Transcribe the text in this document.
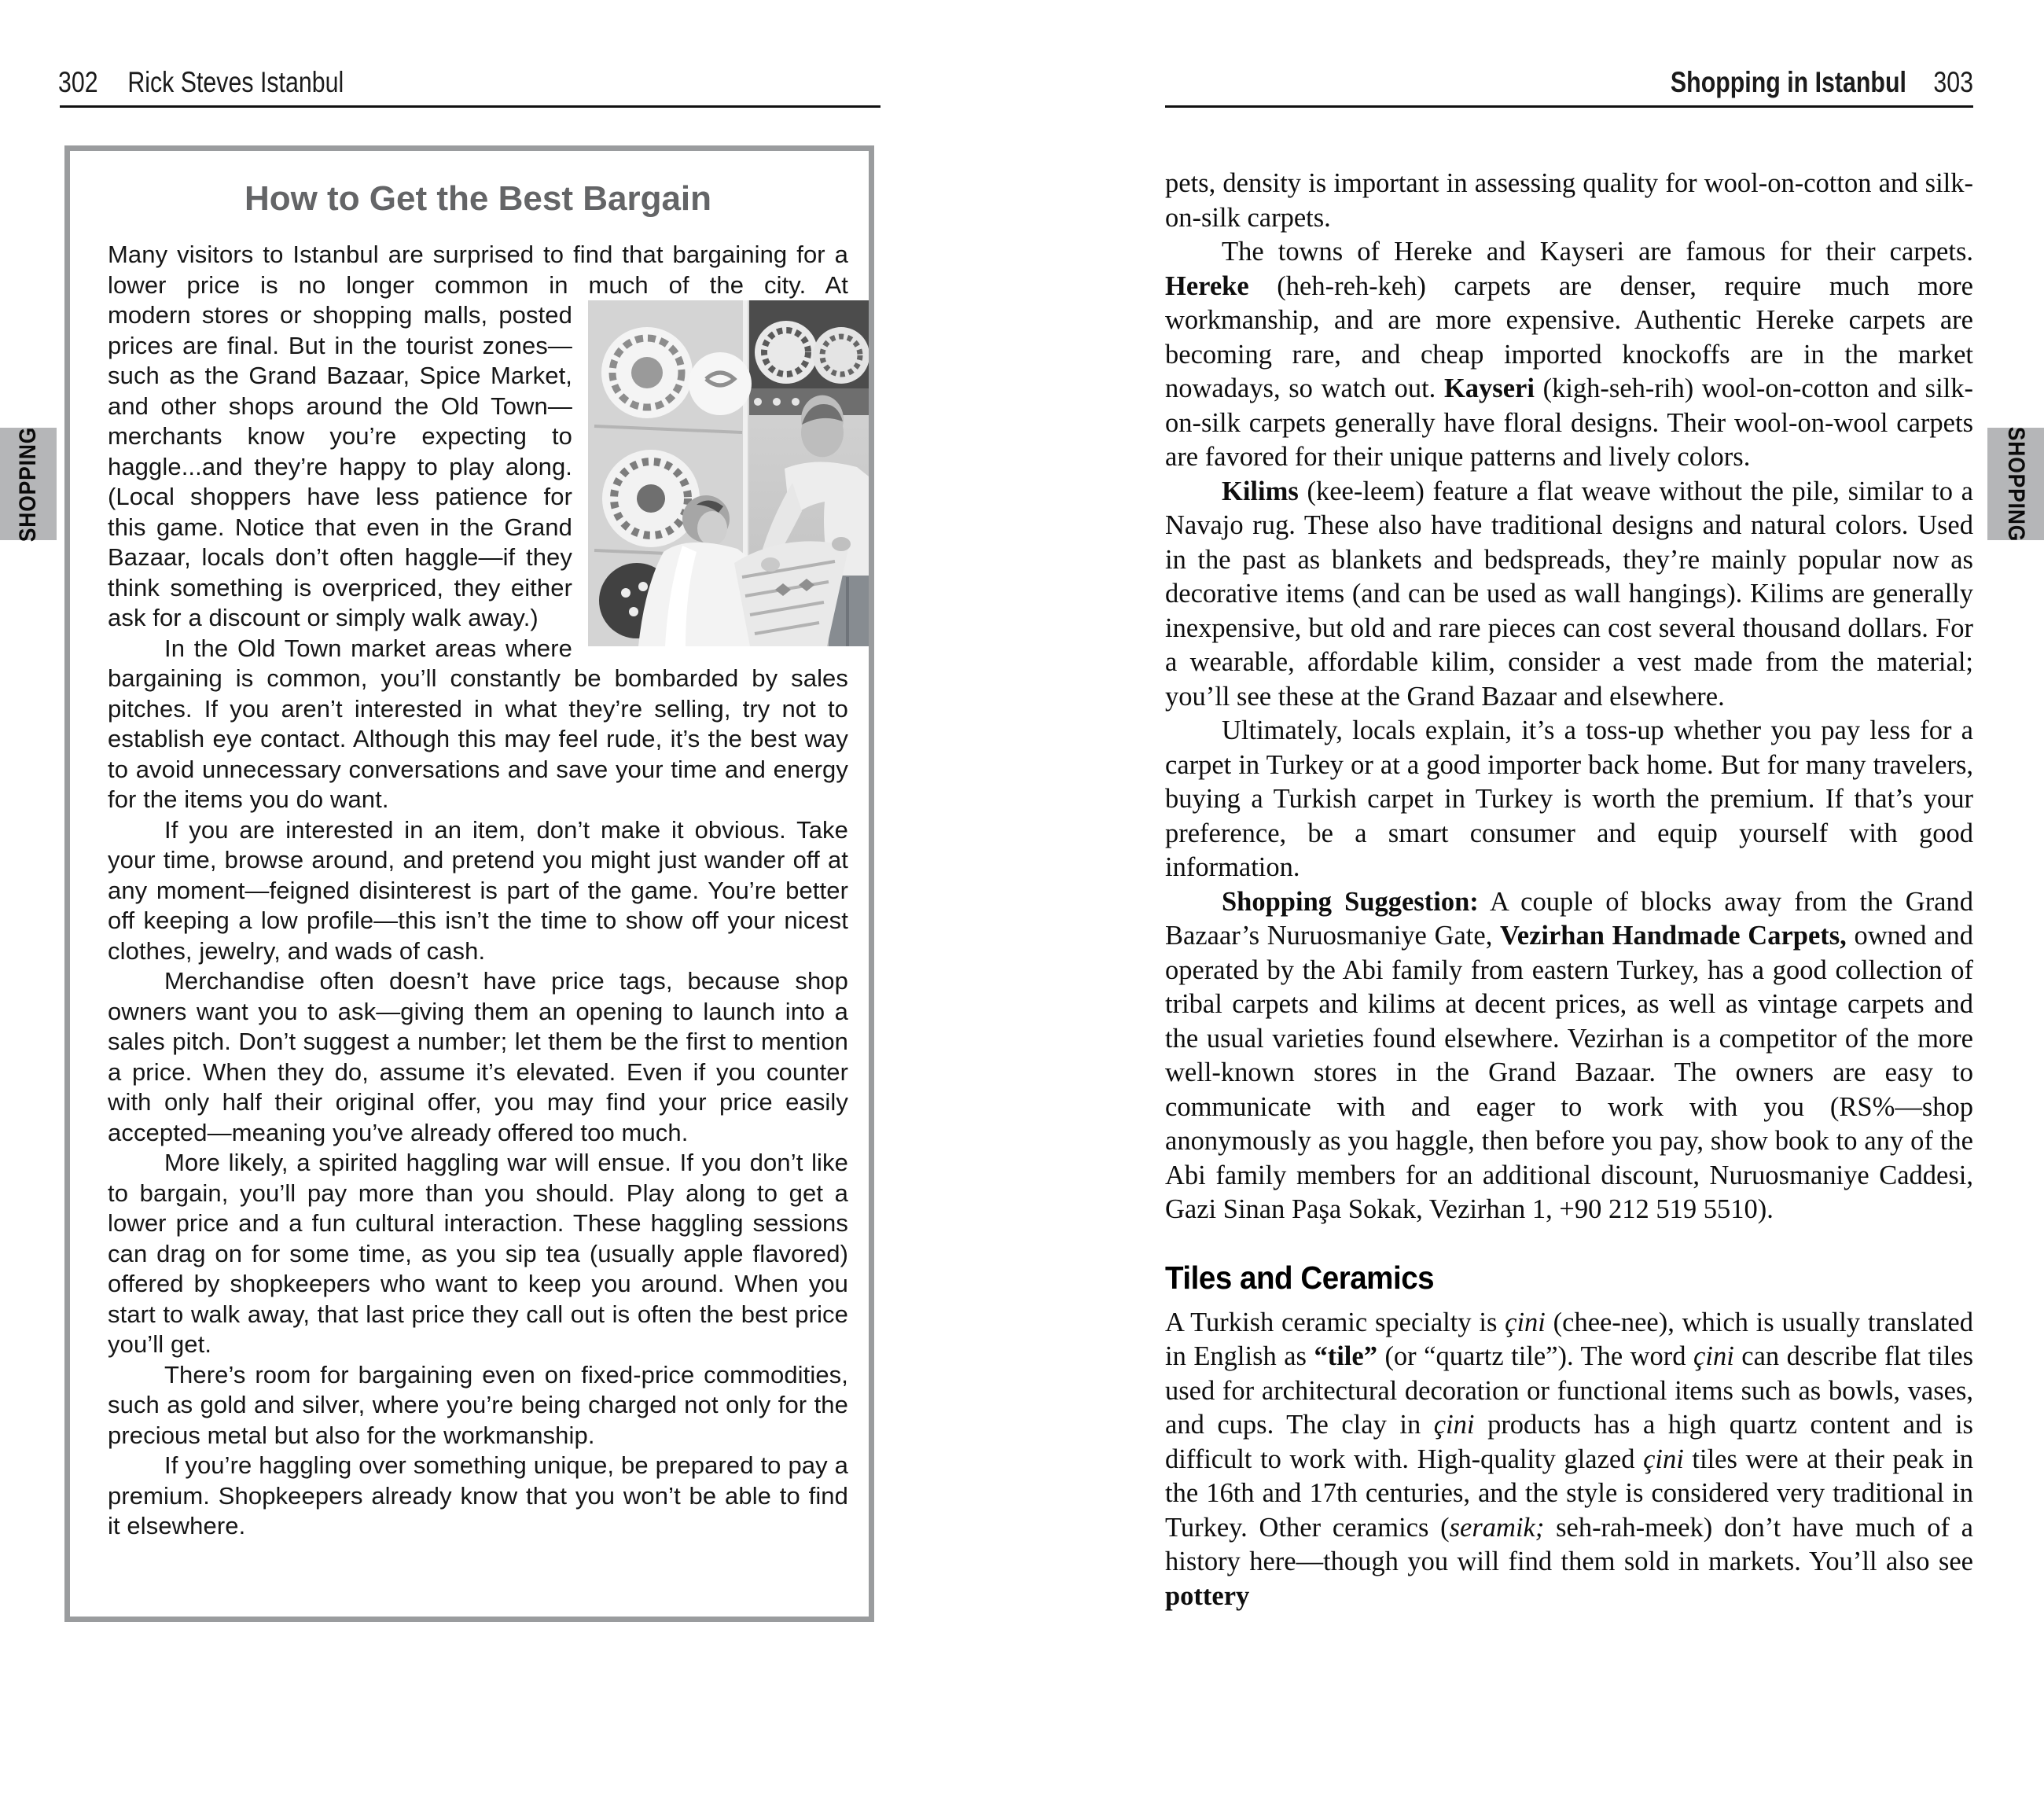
302 Rick Steves Istanbul
SHOPPING
How to Get the Best Bargain

Many visitors to Istanbul are surprised to find that bargaining for a lower price is no longer common in much of the city. At

modern stores or shopping malls, posted prices are final. But in the tourist zones—such as the Grand Bazaar, Spice Market, and other shops around the Old Town—merchants know you’re expecting to haggle...and they’re happy to play along. (Local shoppers have less patience for this game. Notice that even in the Grand Bazaar, locals don’t often haggle—if they think something is overpriced, they either ask for a discount or simply walk away.)

In the Old Town market areas where bargaining is common, you’ll constantly be bombarded by sales pitches. If you aren’t interested in what they’re selling, try not to establish eye contact. Although this may feel rude, it’s the best way to avoid unnecessary conversations and save your time and energy for the items you do want.

If you are interested in an item, don’t make it obvious. Take your time, browse around, and pretend you might just wander off at any moment—feigned disinterest is part of the game. You’re better off keeping a low profile—this isn’t the time to show off your nicest clothes, jewelry, and wads of cash.

Merchandise often doesn’t have price tags, because shop owners want you to ask—giving them an opening to launch into a sales pitch. Don’t suggest a number; let them be the first to mention a price. When they do, assume it’s elevated. Even if you counter with only half their original offer, you may find your price easily accepted—meaning you’ve already offered too much.

More likely, a spirited haggling war will ensue. If you don’t like to bargain, you’ll pay more than you should. Play along to get a lower price and a fun cultural interaction. These haggling sessions can drag on for some time, as you sip tea (usually apple flavored) offered by shopkeepers who want to keep you around. When you start to walk away, that last price they call out is often the best price you’ll get.

There’s room for bargaining even on fixed-price commodities, such as gold and silver, where you’re being charged not only for the precious metal but also for the workmanship.

If you’re haggling over something unique, be prepared to pay a premium. Shopkeepers already know that you won’t be able to find it elsewhere.

Shopping in Istanbul 303
SHOPPING

pets, density is important in assessing quality for wool-on-cotton and silk-on-silk carpets.

The towns of Hereke and Kayseri are famous for their carpets. Hereke (heh-reh-keh) carpets are denser, require much more workmanship, and are more expensive. Authentic Hereke carpets are becoming rare, and cheap imported knockoffs are in the market nowadays, so watch out. Kayseri (kigh-seh-rih) wool-on-cotton and silk-on-silk carpets generally have floral designs. Their wool-on-wool carpets are favored for their unique patterns and lively colors.

Kilims (kee-leem) feature a flat weave without the pile, similar to a Navajo rug. These also have traditional designs and natural colors. Used in the past as blankets and bedspreads, they’re mainly popular now as decorative items (and can be used as wall hangings). Kilims are generally inexpensive, but old and rare pieces can cost several thousand dollars. For a wearable, affordable kilim, consider a vest made from the material; you’ll see these at the Grand Bazaar and elsewhere.

Ultimately, locals explain, it’s a toss-up whether you pay less for a carpet in Turkey or at a good importer back home. But for many travelers, buying a Turkish carpet in Turkey is worth the premium. If that’s your preference, be a smart consumer and equip yourself with good information.

Shopping Suggestion: A couple of blocks away from the Grand Bazaar’s Nuruosmaniye Gate, Vezirhan Handmade Carpets, owned and operated by the Abi family from eastern Turkey, has a good collection of tribal carpets and kilims at decent prices, as well as vintage carpets and the usual varieties found elsewhere. Vezirhan is a competitor of the more well-known stores in the Grand Bazaar. The owners are easy to communicate with and eager to work with you (RS%—shop anonymously as you haggle, then before you pay, show book to any of the Abi family members for an additional discount, Nuruosmaniye Caddesi, Gazi Sinan Paşa Sokak, Vezirhan 1, +90 212 519 5510).

Tiles and Ceramics

A Turkish ceramic specialty is çini (chee-nee), which is usually translated in English as “tile” (or “quartz tile”). The word çini can describe flat tiles used for architectural decoration or functional items such as bowls, vases, and cups. The clay in çini products has a high quartz content and is difficult to work with. High-quality glazed çini tiles were at their peak in the 16th and 17th centuries, and the style is considered very traditional in Turkey. Other ceramics (seramik; seh-rah-meek) don’t have much of a history here—though you will find them sold in markets. You’ll also see pottery
